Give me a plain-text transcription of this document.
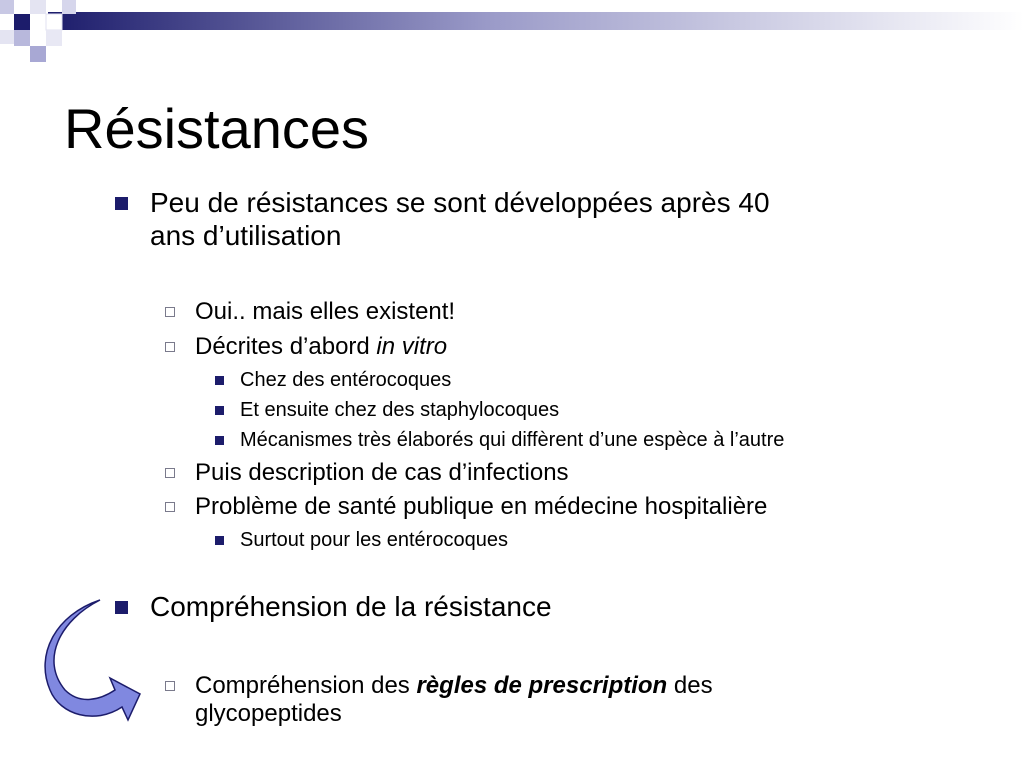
Résistances
Peu de résistances se sont développées après 40
ans d’utilisation
Oui.. mais elles existent!
Décrites d’abord in vitro
Chez des entérocoques
Et ensuite chez des staphylocoques
Mécanismes très élaborés qui diffèrent d’une espèce à l’autre
Puis description de cas d’infections
Problème de santé publique en médecine hospitalière
Surtout pour les entérocoques
Compréhension de la résistance
Compréhension des règles de prescription des
glycopeptides
